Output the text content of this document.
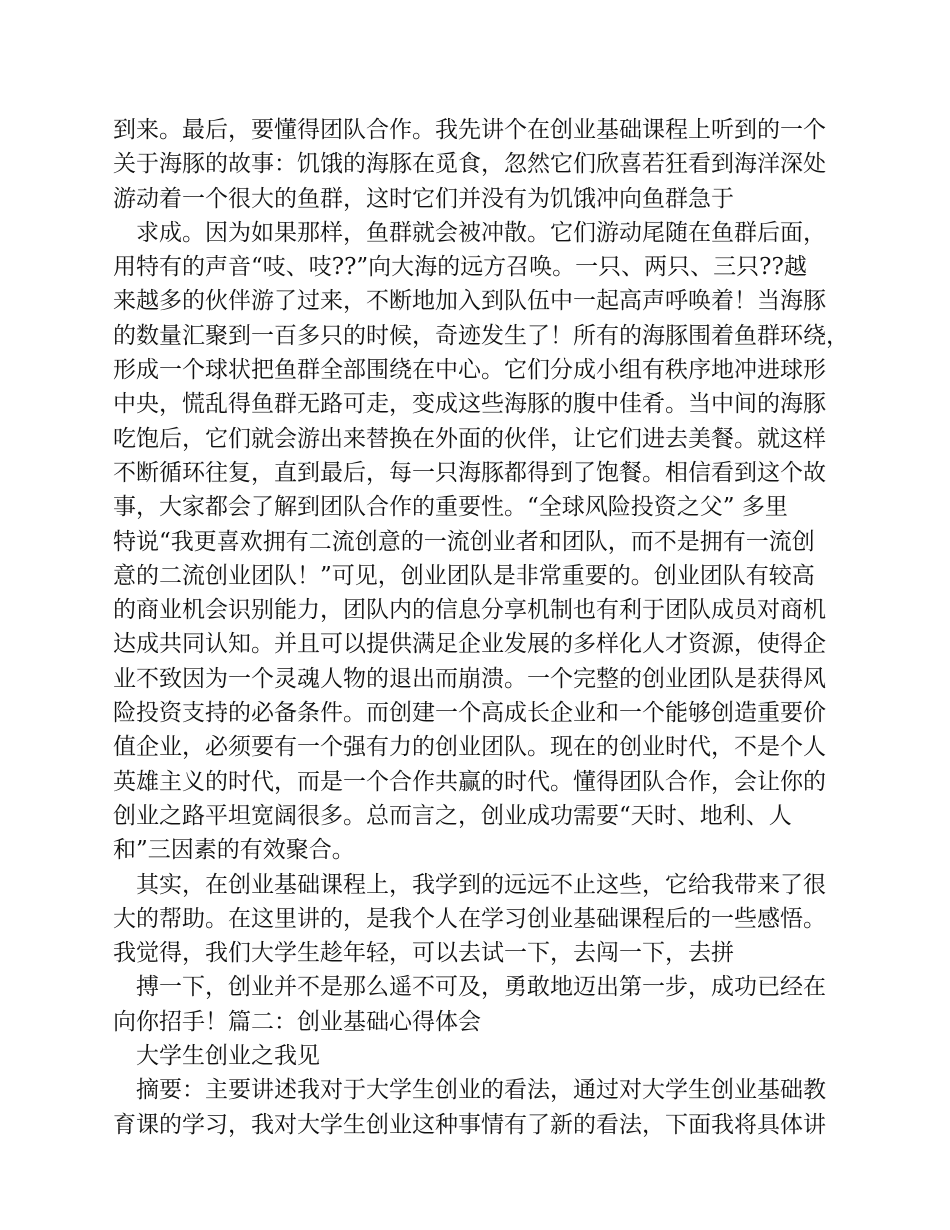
到来。最后，要懂得团队合作。我先讲个在创业基础课程上听到的一个
关于海豚的故事：饥饿的海豚在觅食，忽然它们欣喜若狂看到海洋深处
游动着一个很大的鱼群，这时它们并没有为饥饿冲向鱼群急于
求成。因为如果那样，鱼群就会被冲散。它们游动尾随在鱼群后面，
用特有的声音“吱、吱??”向大海的远方召唤。一只、两只、三只??越
来越多的伙伴游了过来，不断地加入到队伍中一起高声呼唤着！当海豚
的数量汇聚到一百多只的时候，奇迹发生了！所有的海豚围着鱼群环绕，
形成一个球状把鱼群全部围绕在中心。它们分成小组有秩序地冲进球形
中央，慌乱得鱼群无路可走，变成这些海豚的腹中佳肴。当中间的海豚
吃饱后，它们就会游出来替换在外面的伙伴，让它们进去美餐。就这样
不断循环往复，直到最后，每一只海豚都得到了饱餐。相信看到这个故
事，大家都会了解到团队合作的重要性。“全球风险投资之父” 多里
特说“我更喜欢拥有二流创意的一流创业者和团队，而不是拥有一流创
意的二流创业团队！”可见，创业团队是非常重要的。创业团队有较高
的商业机会识别能力，团队内的信息分享机制也有利于团队成员对商机
达成共同认知。并且可以提供满足企业发展的多样化人才资源，使得企
业不致因为一个灵魂人物的退出而崩溃。一个完整的创业团队是获得风
险投资支持的必备条件。而创建一个高成长企业和一个能够创造重要价
值企业，必须要有一个强有力的创业团队。现在的创业时代，不是个人
英雄主义的时代，而是一个合作共赢的时代。懂得团队合作，会让你的
创业之路平坦宽阔很多。总而言之，创业成功需要“天时、地利、人
和”三因素的有效聚合。
其实，在创业基础课程上，我学到的远远不止这些，它给我带来了很
大的帮助。在这里讲的，是我个人在学习创业基础课程后的一些感悟。
我觉得，我们大学生趁年轻，可以去试一下，去闯一下，去拼
搏一下，创业并不是那么遥不可及，勇敢地迈出第一步，成功已经在
向你招手！篇二：创业基础心得体会
大学生创业之我见
摘要：主要讲述我对于大学生创业的看法，通过对大学生创业基础教
育课的学习，我对大学生创业这种事情有了新的看法，下面我将具体讲
